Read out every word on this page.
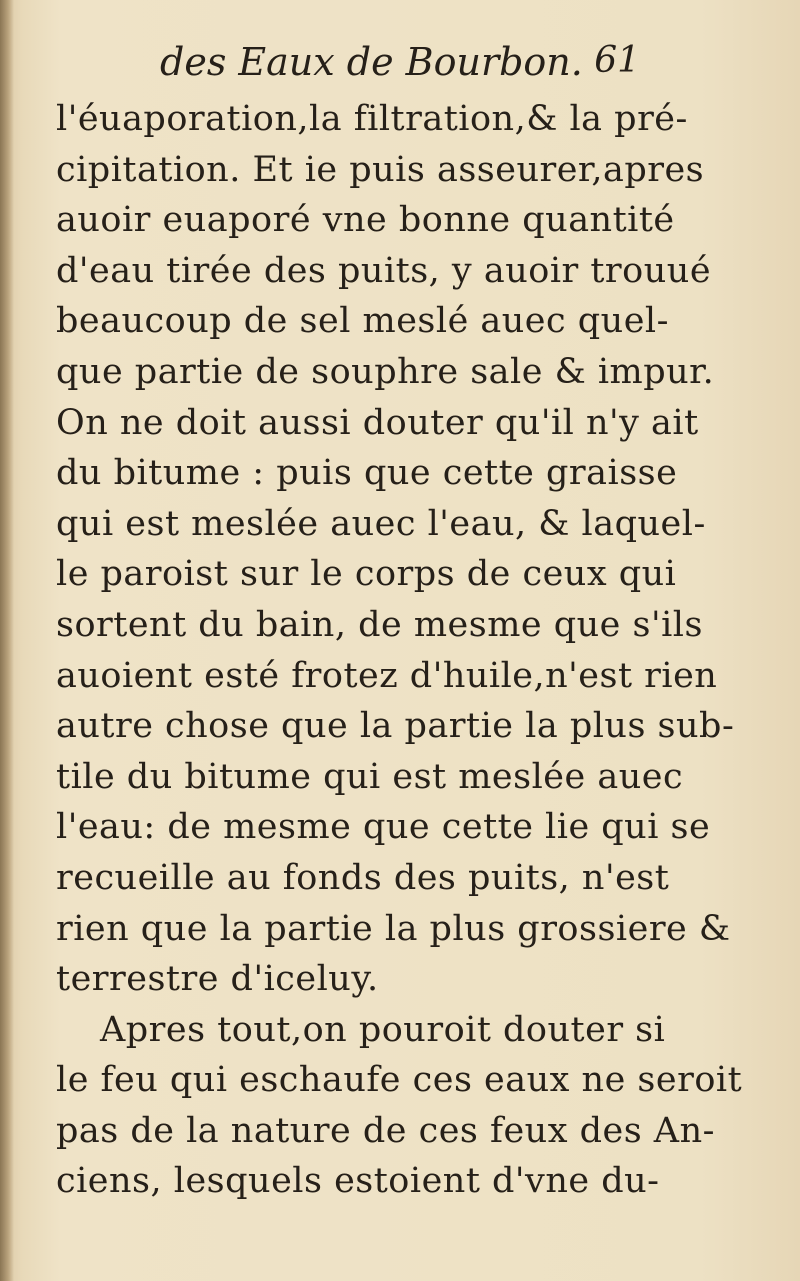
des Eaux de Bourbon. 61
l'éuaporation,la filtration,& la pré-
cipitation. Et ie puis asseurer,apres
auoir euaporé vne bonne quantité
d'eau tirée des puits, y auoir trouué
beaucoup de sel meslé auec quel-
que partie de souphre sale & impur.
On ne doit aussi douter qu'il n'y ait
du bitume : puis que cette graisse
qui est meslée auec l'eau, & laquel-
le paroist sur le corps de ceux qui
sortent du bain, de mesme que s'ils
auoient esté frotez d'huile,n'est rien
autre chose que la partie la plus sub-
tile du bitume qui est meslée auec
l'eau: de mesme que cette lie qui se
recueille au fonds des puits, n'est
rien que la partie la plus grossiere &
terrestre d'iceluy.
Apres tout,on pouroit douter si
le feu qui eschaufe ces eaux ne seroit
pas de la nature de ces feux des An-
ciens, lesquels estoient d'vne du-
